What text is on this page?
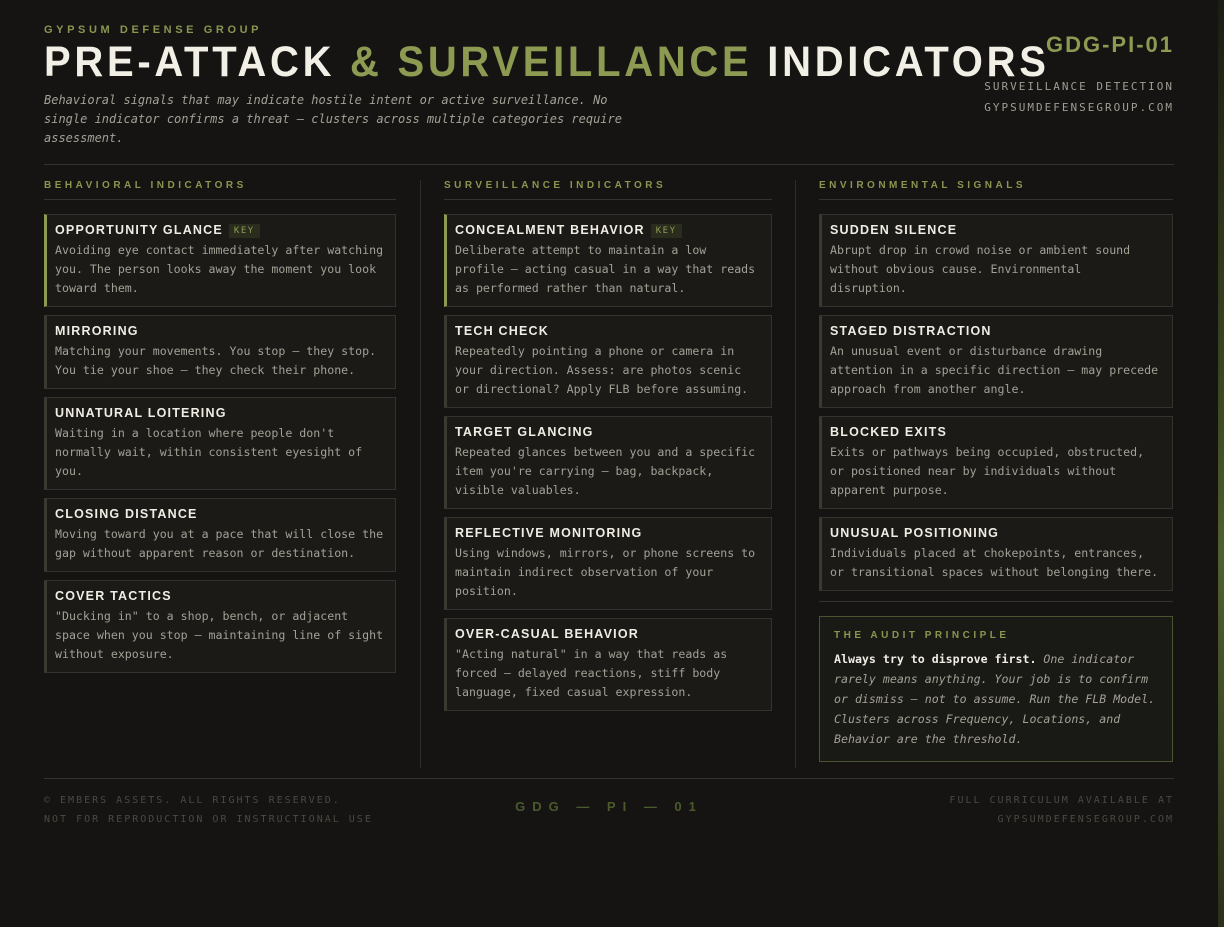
GYPSUM DEFENSE GROUP
PRE-ATTACK & SURVEILLANCE INDICATORS
Behavioral signals that may indicate hostile intent or active surveillance. No single indicator confirms a threat — clusters across multiple categories require assessment.
GDG-PI-01
SURVEILLANCE DETECTION
GYPSUMDEFENSEGROUP.COM
BEHAVIORAL INDICATORS
OPPORTUNITY GLANCE KEY
Avoiding eye contact immediately after watching you. The person looks away the moment you look toward them.
MIRRORING
Matching your movements. You stop — they stop. You tie your shoe — they check their phone.
UNNATURAL LOITERING
Waiting in a location where people don't normally wait, within consistent eyesight of you.
CLOSING DISTANCE
Moving toward you at a pace that will close the gap without apparent reason or destination.
COVER TACTICS
"Ducking in" to a shop, bench, or adjacent space when you stop — maintaining line of sight without exposure.
SURVEILLANCE INDICATORS
CONCEALMENT BEHAVIOR KEY
Deliberate attempt to maintain a low profile — acting casual in a way that reads as performed rather than natural.
TECH CHECK
Repeatedly pointing a phone or camera in your direction. Assess: are photos scenic or directional? Apply FLB before assuming.
TARGET GLANCING
Repeated glances between you and a specific item you're carrying — bag, backpack, visible valuables.
REFLECTIVE MONITORING
Using windows, mirrors, or phone screens to maintain indirect observation of your position.
OVER-CASUAL BEHAVIOR
"Acting natural" in a way that reads as forced — delayed reactions, stiff body language, fixed casual expression.
ENVIRONMENTAL SIGNALS
SUDDEN SILENCE
Abrupt drop in crowd noise or ambient sound without obvious cause. Environmental disruption.
STAGED DISTRACTION
An unusual event or disturbance drawing attention in a specific direction — may precede approach from another angle.
BLOCKED EXITS
Exits or pathways being occupied, obstructed, or positioned near by individuals without apparent purpose.
UNUSUAL POSITIONING
Individuals placed at chokepoints, entrances, or transitional spaces without belonging there.
THE AUDIT PRINCIPLE
Always try to disprove first. One indicator rarely means anything. Your job is to confirm or dismiss — not to assume. Run the FLB Model. Clusters across Frequency, Locations, and Behavior are the threshold.
© EMBERS ASSETS. ALL RIGHTS RESERVED.
NOT FOR REPRODUCTION OR INSTRUCTIONAL USE
GDG — PI — 01	FULL CURRICULUM AVAILABLE AT
GYPSUMDEFENSEGROUP.COM
